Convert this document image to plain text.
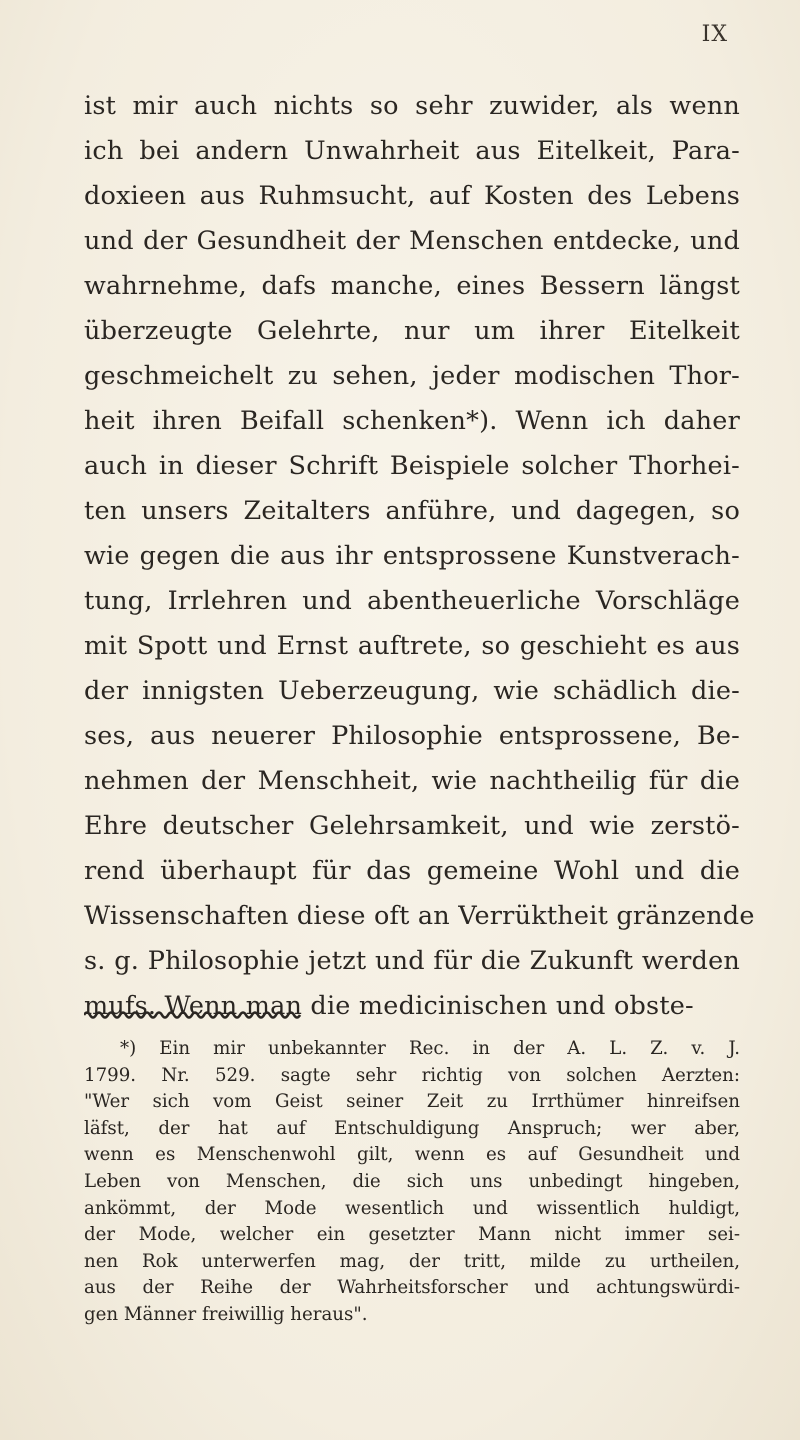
IX
ist mir auch nichts so sehr zuwider, als wenn
ich bei andern Unwahrheit aus Eitelkeit, Para-
doxieen aus Ruhmsucht, auf Kosten des Lebens
und der Gesundheit der Menschen entdecke, und
wahrnehme, dafs manche, eines Bessern längst
überzeugte Gelehrte, nur um ihrer Eitelkeit
geschmeichelt zu sehen, jeder modischen Thor-
heit ihren Beifall schenken*). Wenn ich daher
auch in dieser Schrift Beispiele solcher Thorhei-
ten unsers Zeitalters anführe, und dagegen, so
wie gegen die aus ihr entsprossene Kunstverach-
tung, Irrlehren und abentheuerliche Vorschläge
mit Spott und Ernst auftrete, so geschieht es aus
der innigsten Ueberzeugung, wie schädlich die-
ses, aus neuerer Philosophie entsprossene, Be-
nehmen der Menschheit, wie nachtheilig für die
Ehre deutscher Gelehrsamkeit, und wie zerstö-
rend überhaupt für das gemeine Wohl und die
Wissenschaften diese oft an Verrüktheit gränzende
s. g. Philosophie jetzt und für die Zukunft werden
mufs. Wenn man die medicinischen und obste-
*) Ein mir unbekannter Rec. in der A. L. Z. v. J.
1799. Nr. 529. sagte sehr richtig von solchen Aerzten:
"Wer sich vom Geist seiner Zeit zu Irrthümer hinreifsen
läfst, der hat auf Entschuldigung Anspruch; wer aber,
wenn es Menschenwohl gilt, wenn es auf Gesundheit und
Leben von Menschen, die sich uns unbedingt hingeben,
ankömmt, der Mode wesentlich und wissentlich huldigt,
der Mode, welcher ein gesetzter Mann nicht immer sei-
nen Rok unterwerfen mag, der tritt, milde zu urtheilen,
aus der Reihe der Wahrheitsforscher und achtungswürdi-
gen Männer freiwillig heraus".
